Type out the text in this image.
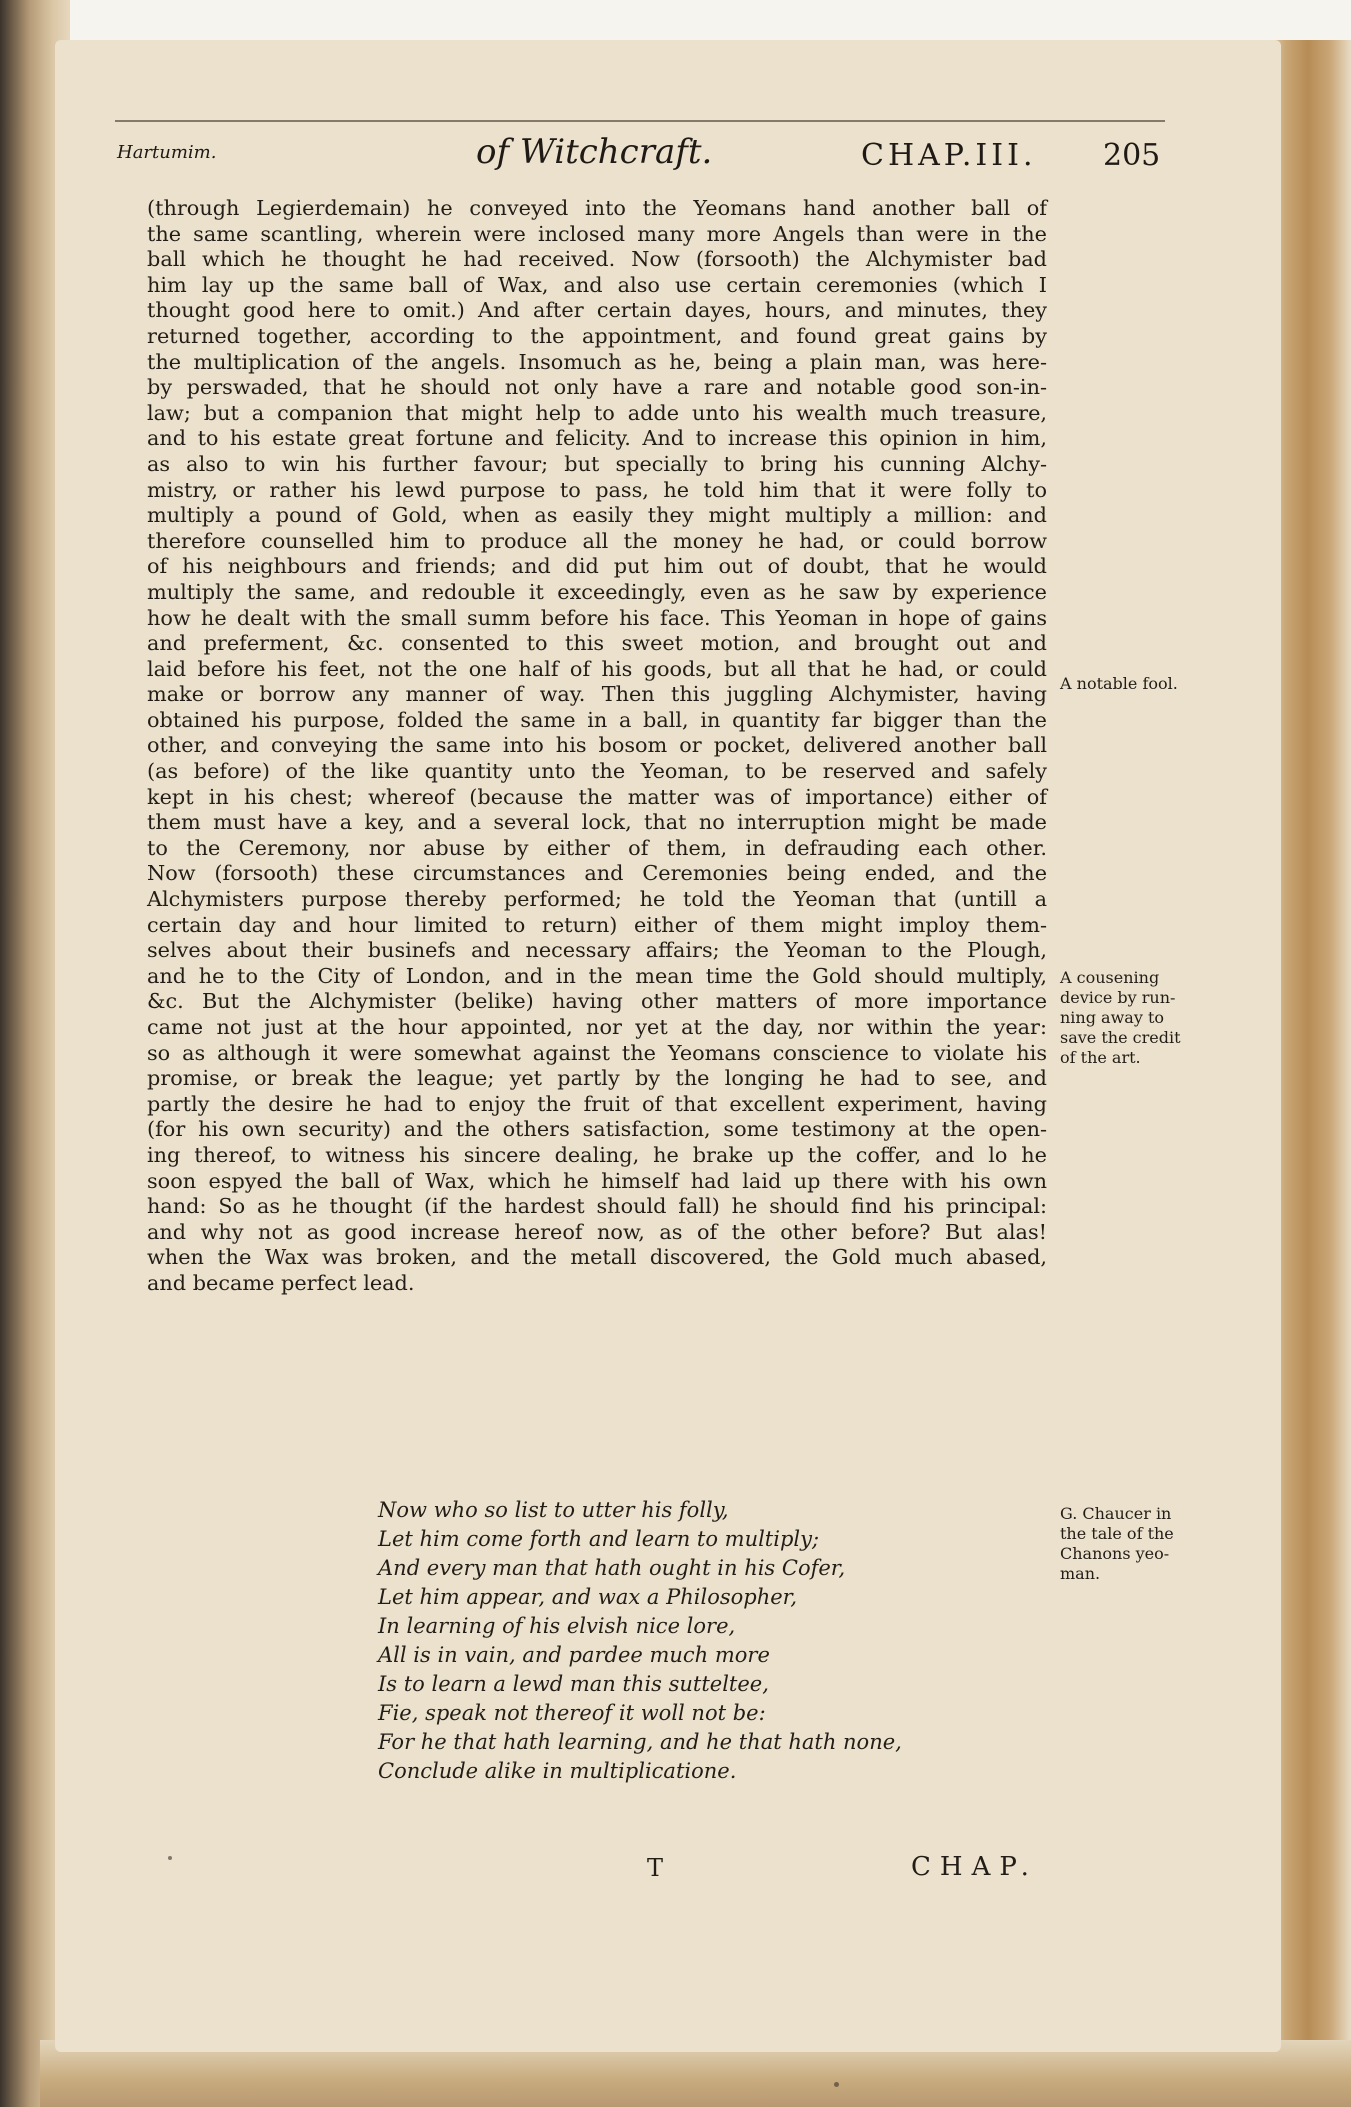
Hartumim.	of Witchcraft.	CHAP.III. 205
(through Legierdemain) he conveyed into the Yeomans hand another ball of
the same scantling, wherein were inclosed many more Angels than were in the
ball which he thought he had received. Now (forsooth) the Alchymister bad
him lay up the same ball of Wax, and also use certain ceremonies (which I
thought good here to omit.) And after certain dayes, hours, and minutes, they
returned together, according to the appointment, and found great gains by
the multiplication of the angels. Insomuch as he, being a plain man, was here-
by perswaded, that he should not only have a rare and notable good son-in-
law; but a companion that might help to adde unto his wealth much treasure,
and to his estate great fortune and felicity. And to increase this opinion in him,
as also to win his further favour; but specially to bring his cunning Alchy-
mistry, or rather his lewd purpose to pass, he told him that it were folly to
multiply a pound of Gold, when as easily they might multiply a million: and
therefore counselled him to produce all the money he had, or could borrow
of his neighbours and friends; and did put him out of doubt, that he would
multiply the same, and redouble it exceedingly, even as he saw by experience
how he dealt with the small summ before his face. This Yeoman in hope of gains
and preferment, &c. consented to this sweet motion, and brought out and
laid before his feet, not the one half of his goods, but all that he had, or could
make or borrow any manner of way. Then this juggling Alchymister, having
obtained his purpose, folded the same in a ball, in quantity far bigger than the
other, and conveying the same into his bosom or pocket, delivered another ball
(as before) of the like quantity unto the Yeoman, to be reserved and safely
kept in his chest; whereof (because the matter was of importance) either of
them must have a key, and a several lock, that no interruption might be made
to the Ceremony, nor abuse by either of them, in defrauding each other.
Now (forsooth) these circumstances and Ceremonies being ended, and the
Alchymisters purpose thereby performed; he told the Yeoman that (untill a
certain day and hour limited to return) either of them might imploy them-
selves about their businefs and necessary affairs; the Yeoman to the Plough,
and he to the City of London, and in the mean time the Gold should multiply,
&c. But the Alchymister (belike) having other matters of more importance
came not just at the hour appointed, nor yet at the day, nor within the year:
so as although it were somewhat against the Yeomans conscience to violate his
promise, or break the league; yet partly by the longing he had to see, and
partly the desire he had to enjoy the fruit of that excellent experiment, having
(for his own security) and the others satisfaction, some testimony at the open-
ing thereof, to witness his sincere dealing, he brake up the coffer, and lo he
soon espyed the ball of Wax, which he himself had laid up there with his own
hand: So as he thought (if the hardest should fall) he should find his principal:
and why not as good increase hereof now, as of the other before? But alas!
when the Wax was broken, and the metall discovered, the Gold much abased,
and became perfect lead.
A notable fool.
A cousening
device by run-
ning away to
save the credit
of the art.
G. Chaucer in
the tale of the
Chanons yeo-
man.
Now who so list to utter his folly,
Let him come forth and learn to multiply;
And every man that hath ought in his Cofer,
Let him appear, and wax a Philosopher,
In learning of his elvish nice lore,
All is in vain, and pardee much more
Is to learn a lewd man this sutteltee,
Fie, speak not thereof it woll not be:
For he that hath learning, and he that hath none,
Conclude alike in multiplicatione.
T	CHAP.
